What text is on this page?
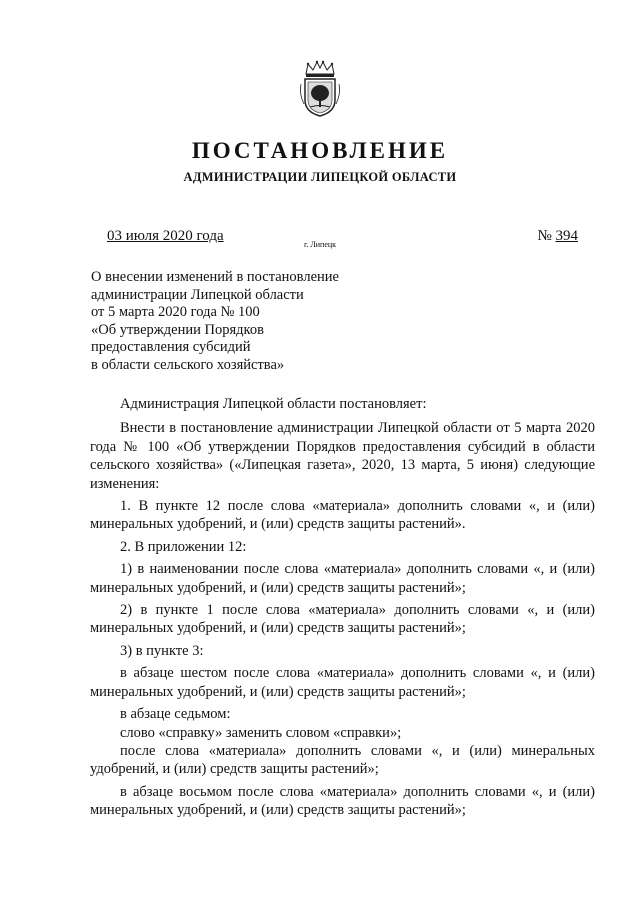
ПОСТАНОВЛЕНИЕ
АДМИНИСТРАЦИИ ЛИПЕЦКОЙ ОБЛАСТИ
03 июля 2020 года
г. Липецк
№ 394
О внесении изменений в постановление
администрации Липецкой области
от 5 марта 2020 года № 100
«Об утверждении Порядков
предоставления субсидий
в области сельского хозяйства»

Администрация Липецкой области постановляет:

Внести в постановление администрации Липецкой области от 5 марта 2020 года № 100 «Об утверждении Порядков предоставления субсидий в области сельского хозяйства» («Липецкая газета», 2020, 13 марта, 5 июня) следующие изменения:

1. В пункте 12 после слова «материала» дополнить словами «, и (или) минеральных удобрений, и (или) средств защиты растений».

2. В приложении 12:

1) в наименовании после слова «материала» дополнить словами «, и (или) минеральных удобрений, и (или) средств защиты растений»;

2) в пункте 1 после слова «материала» дополнить словами «, и (или) минеральных удобрений, и (или) средств защиты растений»;

3) в пункте 3:

в абзаце шестом после слова «материала» дополнить словами «, и (или) минеральных удобрений, и (или) средств защиты растений»;

в абзаце седьмом:

слово «справку» заменить словом «справки»;

после слова «материала» дополнить словами «, и (или) минеральных удобрений, и (или) средств защиты растений»;

в абзаце восьмом после слова «материала» дополнить словами «, и (или) минеральных удобрений, и (или) средств защиты растений»;
